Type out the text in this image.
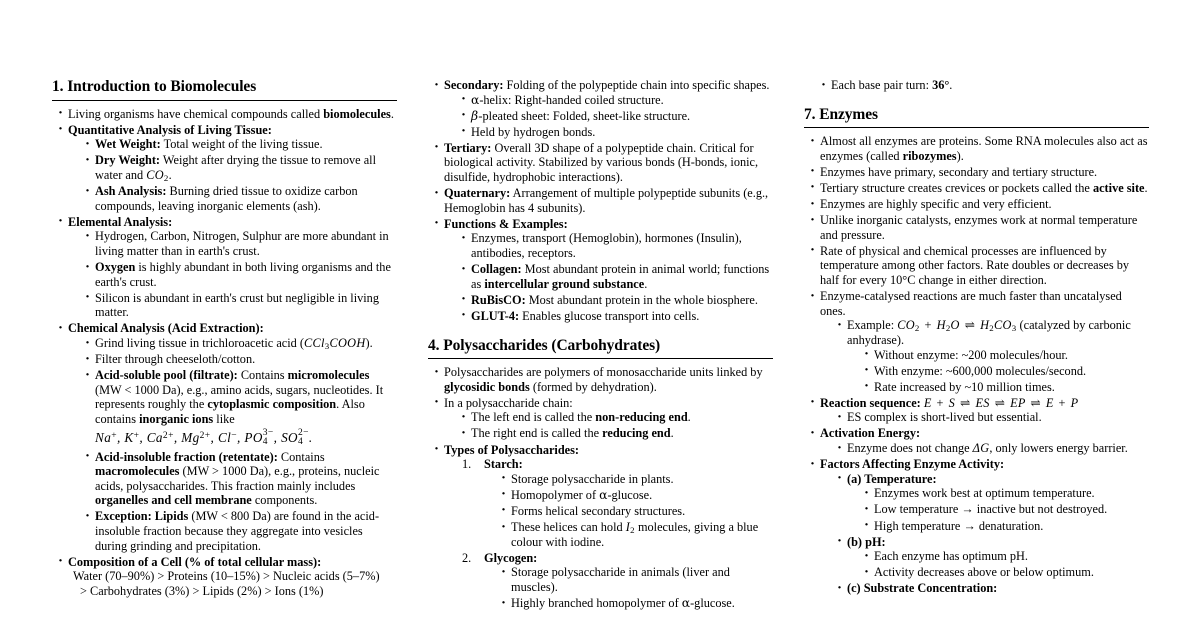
1. Introduction to Biomolecules
· Living organisms have chemical compounds called biomolecules.
· Quantitative Analysis of Living Tissue:
· Wet Weight: Total weight of the living tissue.
· Dry Weight: Weight after drying the tissue to remove all water and $CO_2$.
· Ash Analysis: Burning dried tissue to oxidize carbon compounds, leaving inorganic elements (ash).
· Elemental Analysis:
· Hydrogen, Carbon, Nitrogen, Sulphur are more abundant in living matter than in earth's crust.
· Oxygen is highly abundant in both living organisms and the earth's crust.
· Silicon is abundant in earth's crust but negligible in living matter.
· Chemical Analysis (Acid Extraction):
· Grind living tissue in trichloroacetic acid (CCl$_3$COOH).
· Filter through cheeseloth/cotton.
· Acid-soluble pool (filtrate): Contains micromolecules (MW < 1000 Da), e.g., amino acids, sugars, nucleotides. It represents roughly the cytoplasmic composition. Also contains inorganic ions like
Na+, K+, $Ca^{2+}$, $Mg^{2+}$, Cl−, PO 3−
4 , SO 2−
4 .
· Acid-insoluble fraction (retentate): Contains macromolecules (MW > 1000 Da), e.g., proteins, nucleic acids, polysaccharides. This fraction mainly includes organelles and cell membrane components.
· Exception: Lipids (MW < 800 Da) are found in the acid-insoluble fraction because they aggregate into vesicles during grinding and precipitation.
· Composition of a Cell (% of total cellular mass):
Water (70–90%) > Proteins (10–15%) > Nucleic acids (5–7%)
> Carbohydrates (3%) > Lipids (2%) > Ions (1%)
· Secondary: Folding of the polypeptide chain into specific shapes.
· α-helix: Right-handed coiled structure.
· β-pleated sheet: Folded, sheet-like structure.
· Held by hydrogen bonds.
· Tertiary: Overall 3D shape of a polypeptide chain. Critical for biological activity. Stabilized by various bonds (H-bonds, ionic, disulfide, hydrophobic interactions).
· Quaternary: Arrangement of multiple polypeptide subunits (e.g., Hemoglobin has 4 subunits).
· Functions & Examples:
· Enzymes, transport (Hemoglobin), hormones (Insulin), antibodies, receptors.
· Collagen: Most abundant protein in animal world; functions as intercellular ground substance.
· RuBisCO: Most abundant protein in the whole biosphere.
· GLUT-4: Enables glucose transport into cells.
4. Polysaccharides (Carbohydrates)
· Polysaccharides are polymers of monosaccharide units linked by glycosidic bonds (formed by dehydration).
· In a polysaccharide chain:
· The left end is called the non-reducing end.
· The right end is called the reducing end.
· Types of Polysaccharides:
1. Starch:
· Storage polysaccharide in plants.
· Homopolymer of α-glucose.
· Forms helical secondary structures.
· These helices can hold $I_2$ molecules, giving a blue colour with iodine.
2. Glycogen:
· Storage polysaccharide in animals (liver and muscles).
· Highly branched homopolymer of α-glucose.
· Each base pair turn: 36°.
7. Enzymes
· Almost all enzymes are proteins. Some RNA molecules also act as enzymes (called ribozymes).
· Enzymes have primary, secondary and tertiary structure.
· Tertiary structure creates crevices or pockets called the active site.
· Enzymes are highly specific and very efficient.
· Unlike inorganic catalysts, enzymes work at normal temperature and pressure.
· Rate of physical and chemical processes are influenced by temperature among other factors. Rate doubles or decreases by half for every 10°C change in either direction.
· Enzyme-catalysed reactions are much faster than uncatalysed ones.
· Example: $CO_2 + H_2O$ ⇌ $H_2CO_3$ (catalyzed by carbonic anhydrase).
· Without enzyme: ~200 molecules/hour.
· With enzyme: ~600,000 molecules/second.
· Rate increased by ~10 million times.
· Reaction sequence: E + S ⇌ ES ⇌ EP ⇌ E + P
· ES complex is short-lived but essential.
· Activation Energy:
· Enzyme does not change ΔG, only lowers energy barrier.
· Factors Affecting Enzyme Activity:
· (a) Temperature:
· Enzymes work best at optimum temperature.
· Low temperature → inactive but not destroyed.
· High temperature → denaturation.
· (b) pH:
· Each enzyme has optimum pH.
· Activity decreases above or below optimum.
· (c) Substrate Concentration:
